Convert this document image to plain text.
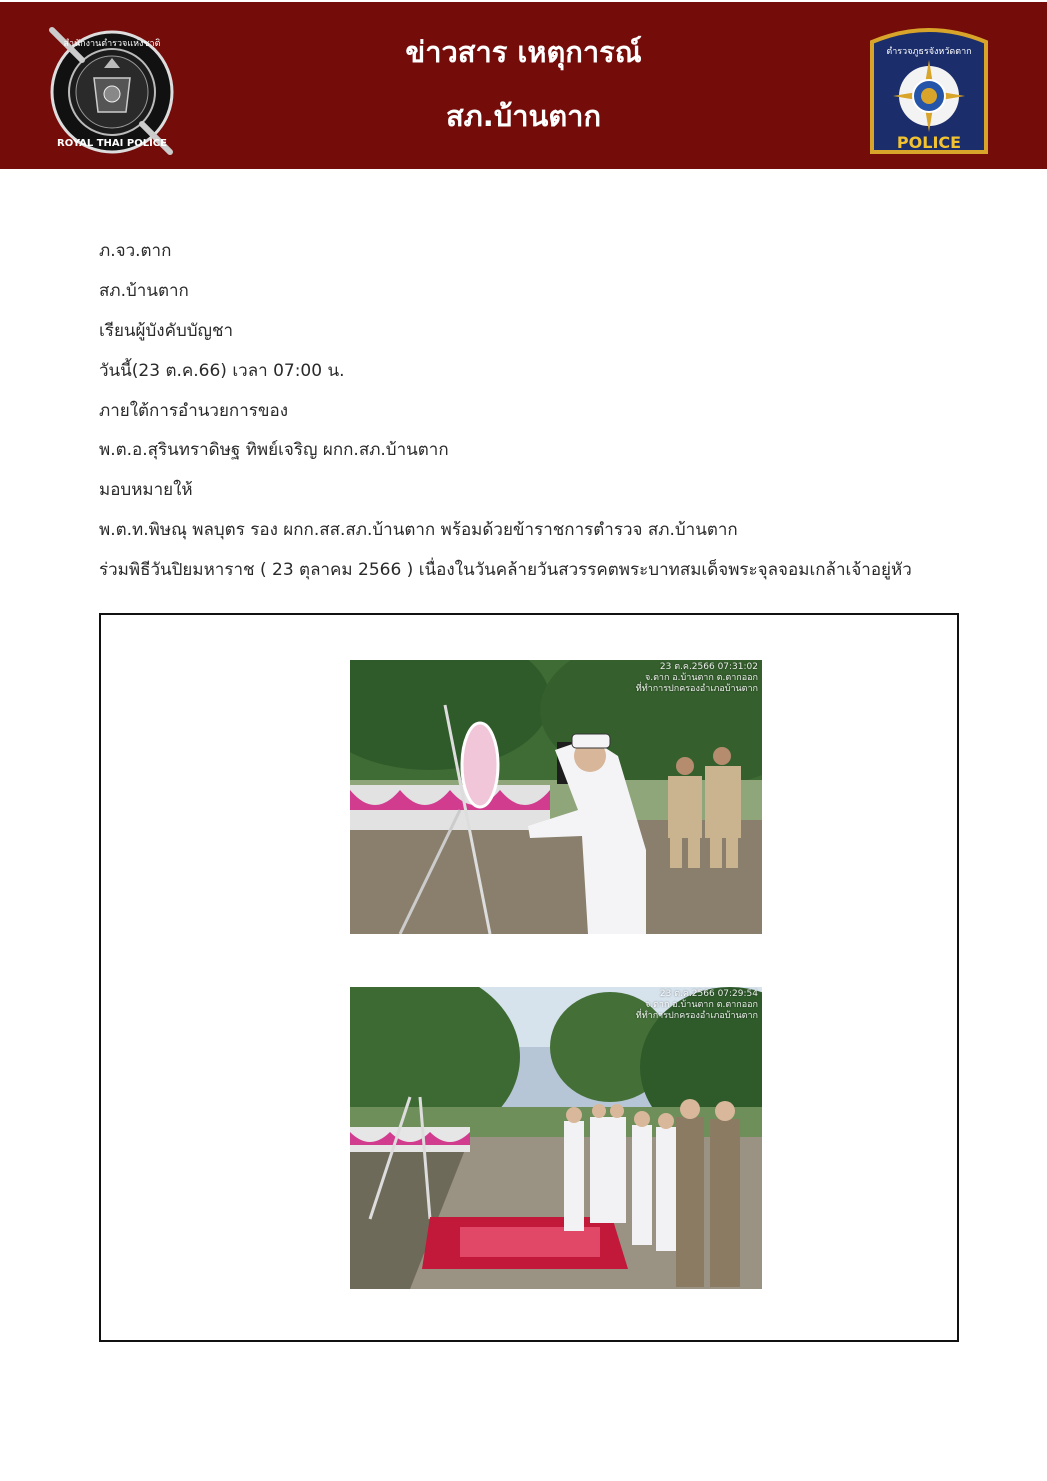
สำนักงานตำรวจแห่งชาติ
ROYAL THAI POLICE
ข่าวสาร เหตุการณ์
สภ.บ้านตาก
ตำรวจภูธรจังหวัดตาก
POLICE
ภ.จว.ตาก
สภ.บ้านตาก
เรียนผู้บังคับบัญชา
วันนี้(23 ต.ค.66) เวลา 07:00 น.
ภายใต้การอำนวยการของ
พ.ต.อ.สุรินทราดิษฐ ทิพย์เจริญ ผกก.สภ.บ้านตาก
มอบหมายให้
พ.ต.ท.พิษณุ พลบุตร รอง ผกก.สส.สภ.บ้านตาก พร้อมด้วยข้าราชการตำรวจ สภ.บ้านตาก
ร่วมพิธีวันปิยมหาราช ( 23 ตุลาคม 2566 ) เนื่องในวันคล้ายวันสวรรคตพระบาทสมเด็จพระจุลจอมเกล้าเจ้าอยู่หัว
23 ต.ค.2566 07:31:02
จ.ตาก อ.บ้านตาก ต.ตากออก
ที่ทำการปกครองอำเภอบ้านตาก
23 ต.ค.2566 07:29:54
จ.ตาก อ.บ้านตาก ต.ตากออก
ที่ทำการปกครองอำเภอบ้านตาก
